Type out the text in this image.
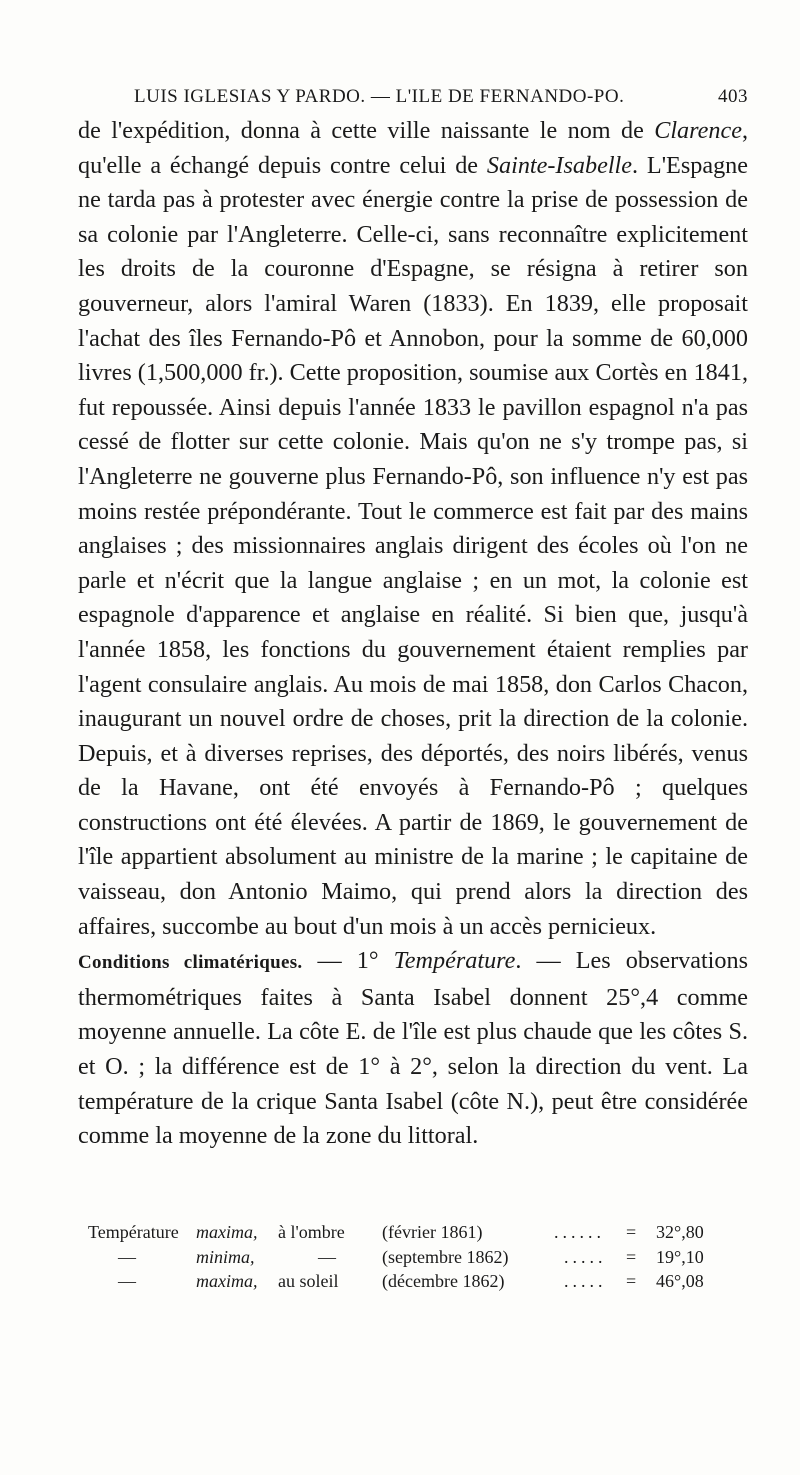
LUIS IGLESIAS Y PARDO. — L'ILE DE FERNANDO-PO.	403

de l'expédition, donna à cette ville naissante le nom de Clarence, qu'elle a échangé depuis contre celui de Sainte-Isabelle. L'Espagne ne tarda pas à protester avec énergie contre la prise de possession de sa colonie par l'Angleterre. Celle-ci, sans reconnaître explicitement les droits de la couronne d'Espagne, se résigna à retirer son gouverneur, alors l'amiral Waren (1833). En 1839, elle proposait l'achat des îles Fernando-Pô et Annobon, pour la somme de 60,000 livres (1,500,000 fr.). Cette proposition, soumise aux Cortès en 1841, fut repoussée. Ainsi depuis l'année 1833 le pavillon espagnol n'a pas cessé de flotter sur cette colonie. Mais qu'on ne s'y trompe pas, si l'Angleterre ne gouverne plus Fernando-Pô, son influence n'y est pas moins restée prépondérante. Tout le commerce est fait par des mains anglaises ; des missionnaires anglais dirigent des écoles où l'on ne parle et n'écrit que la langue anglaise ; en un mot, la colonie est espagnole d'apparence et anglaise en réalité. Si bien que, jusqu'à l'année 1858, les fonctions du gouvernement étaient remplies par l'agent consulaire anglais. Au mois de mai 1858, don Carlos Chacon, inaugurant un nouvel ordre de choses, prit la direction de la colonie. Depuis, et à diverses reprises, des déportés, des noirs libérés, venus de la Havane, ont été envoyés à Fernando-Pô ; quelques constructions ont été élevées. A partir de 1869, le gouvernement de l'île appartient absolument au ministre de la marine ; le capitaine de vaisseau, don Antonio Maimo, qui prend alors la direction des affaires, succombe au bout d'un mois à un accès pernicieux.

Conditions climatériques. — 1° Température. — Les observations thermométriques faites à Santa Isabel donnent 25°,4 comme moyenne annuelle. La côte E. de l'île est plus chaude que les côtes S. et O. ; la différence est de 1° à 2°, selon la direction du vent. La température de la crique Santa Isabel (côte N.), peut être considérée comme la moyenne de la zone du littoral.

Température maxima, à l'ombre (février 1861)	...... = 32°,80
—	minima,	—	(septembre 1862)	..... = 19°,10
—	maxima, au soleil (décembre 1862)	..... = 46°,08
